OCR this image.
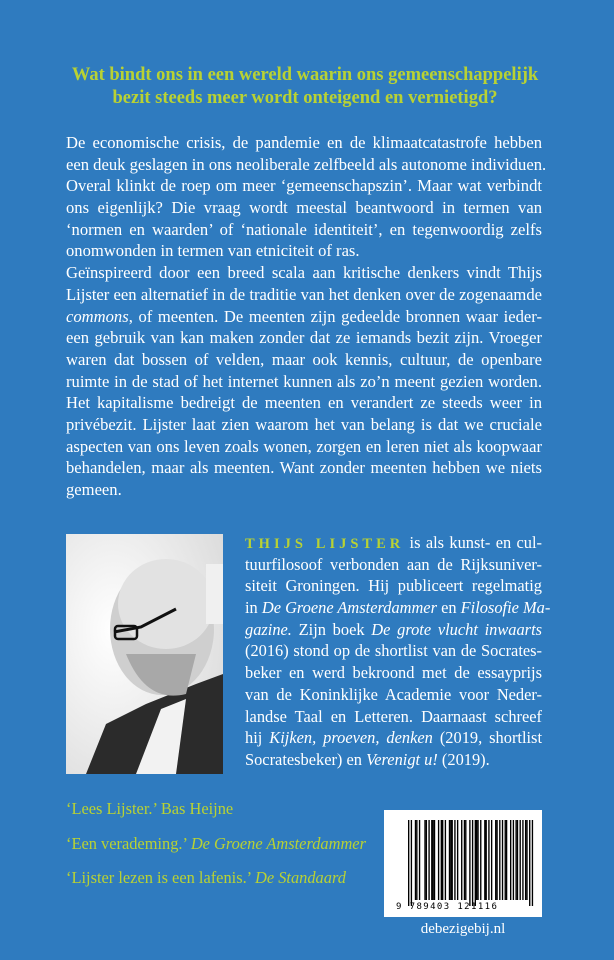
Wat bindt ons in een wereld waarin ons gemeenschappelijk
bezit steeds meer wordt onteigend en vernietigd?
De economische crisis, de pandemie en de klimaatcatastrofe hebben
een deuk geslagen in ons neoliberale zelfbeeld als autonome individuen.
Overal klinkt de roep om meer ‘gemeenschapszin’. Maar wat verbindt
ons eigenlijk? Die vraag wordt meestal beantwoord in termen van
‘normen en waarden’ of ‘nationale identiteit’, en tegenwoordig zelfs
onomwonden in termen van etniciteit of ras.
Geïnspireerd door een breed scala aan kritische denkers vindt Thijs
Lijster een alternatief in de traditie van het denken over de zogenaamde
commons, of meenten. De meenten zijn gedeelde bronnen waar ieder-
een gebruik van kan maken zonder dat ze iemands bezit zijn. Vroeger
waren dat bossen of velden, maar ook kennis, cultuur, de openbare
ruimte in de stad of het internet kunnen als zo’n meent gezien worden.
Het kapitalisme bedreigt de meenten en verandert ze steeds weer in
privébezit. Lijster laat zien waarom het van belang is dat we cruciale
aspecten van ons leven zoals wonen, zorgen en leren niet als koopwaar
behandelen, maar als meenten. Want zonder meenten hebben we niets
gemeen.
THIJS LIJSTER is als kunst- en cul-
tuurfilosoof verbonden aan de Rijksuniver-
siteit Groningen. Hij publiceert regelmatig
in De Groene Amsterdammer en Filosofie Ma-
gazine. Zijn boek De grote vlucht inwaarts
(2016) stond op de shortlist van de Socrates-
beker en werd bekroond met de essayprijs
van de Koninklijke Academie voor Neder-
landse Taal en Letteren. Daarnaast schreef
hij Kijken, proeven, denken (2019, shortlist
Socratesbeker) en Verenigt u! (2019).
‘Lees Lijster.’ Bas Heijne
‘Een verademing.’ De Groene Amsterdammer
‘Lijster lezen is een lafenis.’ De Standaard
9 789403 121116
debezigebij.nl
